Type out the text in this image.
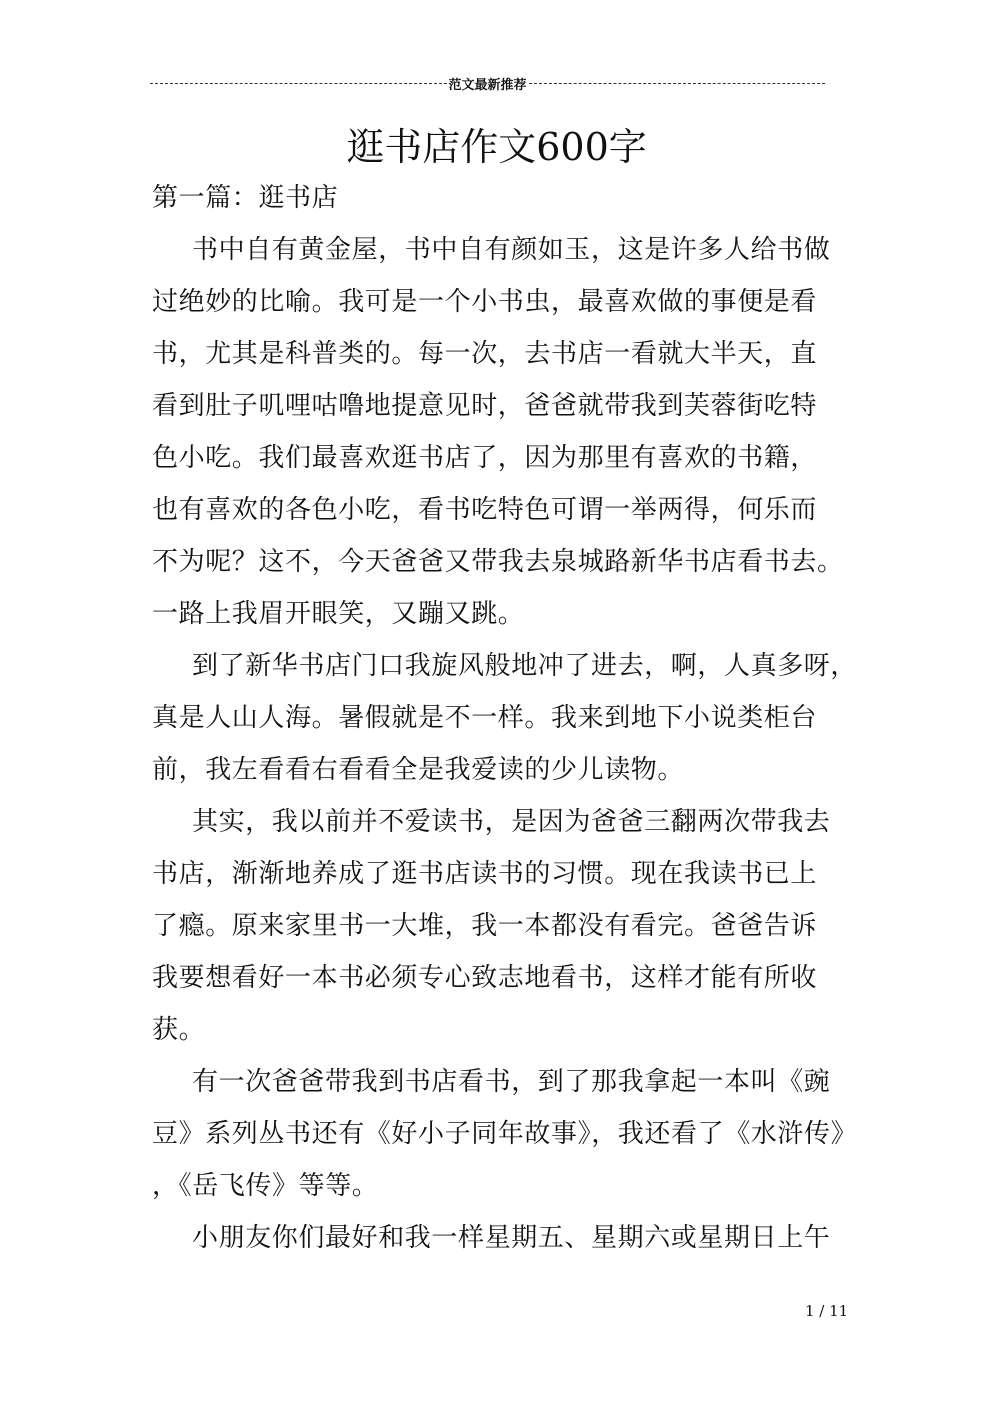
范文最新推荐
逛书店作文600字
第一篇：逛书店
书中自有黄金屋，书中自有颜如玉，这是许多人给书做
过绝妙的比喻。我可是一个小书虫，最喜欢做的事便是看
书，尤其是科普类的。每一次，去书店一看就大半天，直
看到肚子叽哩咕噜地提意见时，爸爸就带我到芙蓉街吃特
色小吃。我们最喜欢逛书店了，因为那里有喜欢的书籍，
也有喜欢的各色小吃，看书吃特色可谓一举两得，何乐而
不为呢？这不，今天爸爸又带我去泉城路新华书店看书去。
一路上我眉开眼笑，又蹦又跳。
到了新华书店门口我旋风般地冲了进去，啊，人真多呀，
真是人山人海。暑假就是不一样。我来到地下小说类柜台
前，我左看看右看看全是我爱读的少儿读物。
其实，我以前并不爱读书，是因为爸爸三翻两次带我去
书店，渐渐地养成了逛书店读书的习惯。现在我读书已上
了瘾。原来家里书一大堆，我一本都没有看完。爸爸告诉
我要想看好一本书必须专心致志地看书，这样才能有所收
获。
有一次爸爸带我到书店看书，到了那我拿起一本叫《豌
豆》系列丛书还有《好小子同年故事》，我还看了《水浒传》
，《岳飞传》等等。
小朋友你们最好和我一样星期五、星期六或星期日上午
1 / 11
